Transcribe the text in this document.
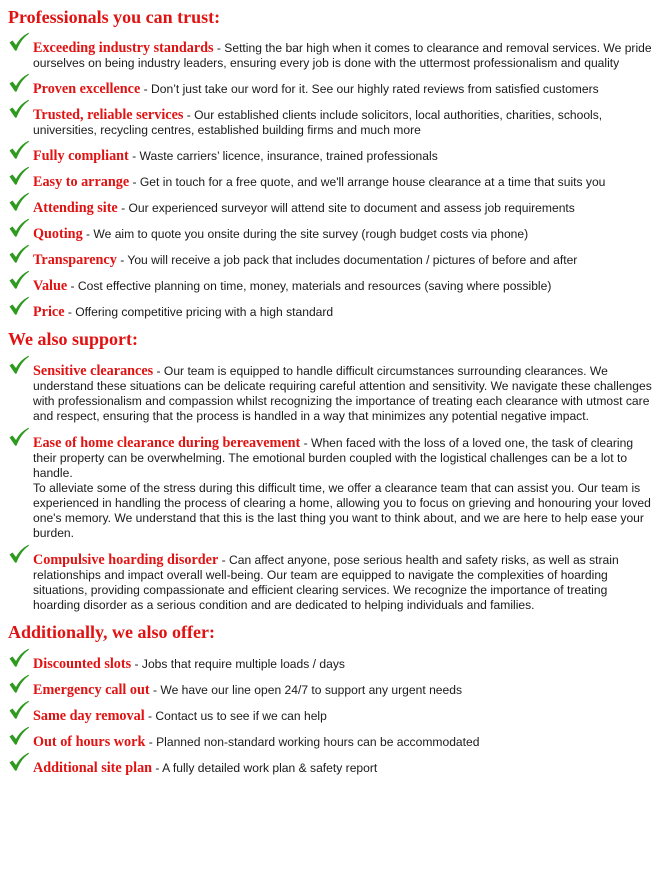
Professionals you can trust:
Exceeding industry standards - Setting the bar high when it comes to clearance and removal services. We pride ourselves on being industry leaders, ensuring every job is done with the uttermost professionalism and quality
Proven excellence - Don’t just take our word for it. See our highly rated reviews from satisfied customers
Trusted, reliable services - Our established clients include solicitors, local authorities, charities, schools, universities, recycling centres, established building firms and much more
Fully compliant - Waste carriers’ licence, insurance, trained professionals
Easy to arrange - Get in touch for a free quote, and we'll arrange house clearance at a time that suits you
Attending site - Our experienced surveyor will attend site to document and assess job requirements
Quoting - We aim to quote you onsite during the site survey (rough budget costs via phone)
Transparency - You will receive a job pack that includes documentation / pictures of before and after
Value - Cost effective planning on time, money, materials and resources (saving where possible)
Price - Offering competitive pricing with a high standard
We also support:
Sensitive clearances - Our team is equipped to handle difficult circumstances surrounding clearances. We understand these situations can be delicate requiring careful attention and sensitivity. We navigate these challenges with professionalism and compassion whilst recognizing the importance of treating each clearance with utmost care and respect, ensuring that the process is handled in a way that minimizes any potential negative impact.
Ease of home clearance during bereavement - When faced with the loss of a loved one, the task of clearing their property can be overwhelming. The emotional burden coupled with the logistical challenges can be a lot to handle.
To alleviate some of the stress during this difficult time, we offer a clearance team that can assist you. Our team is experienced in handling the process of clearing a home, allowing you to focus on grieving and honouring your loved one's memory. We understand that this is the last thing you want to think about, and we are here to help ease your burden.
Compulsive hoarding disorder - Can affect anyone, pose serious health and safety risks, as well as strain relationships and impact overall well-being. Our team are equipped to navigate the complexities of hoarding situations, providing compassionate and efficient clearing services. We recognize the importance of treating hoarding disorder as a serious condition and are dedicated to helping individuals and families.
Additionally, we also offer:
Discounted slots - Jobs that require multiple loads / days
Emergency call out - We have our line open 24/7 to support any urgent needs
Same day removal - Contact us to see if we can help
Out of hours work - Planned non-standard working hours can be accommodated
Additional site plan - A fully detailed work plan & safety report
